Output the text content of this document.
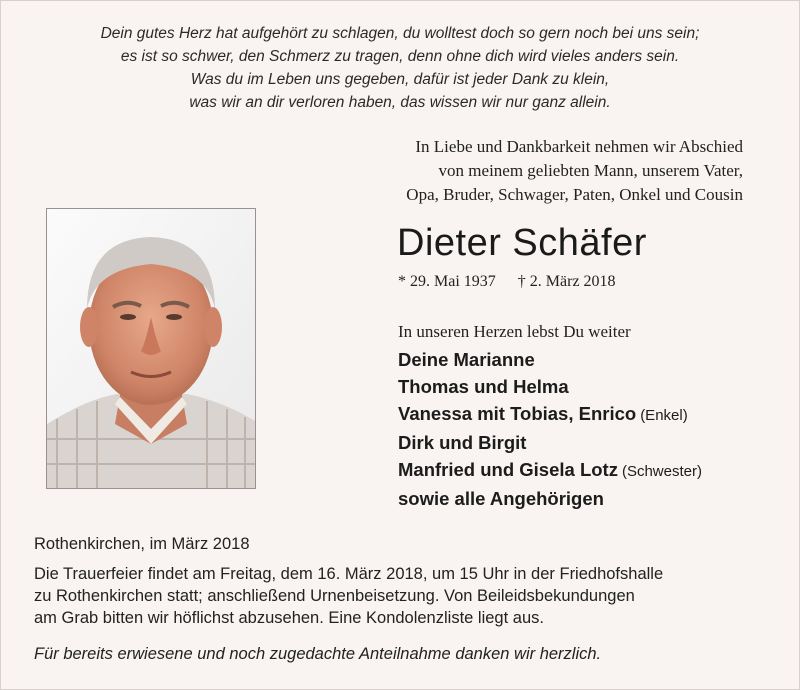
Dein gutes Herz hat aufgehört zu schlagen, du wolltest doch so gern noch bei uns sein;
es ist so schwer, den Schmerz zu tragen, denn ohne dich wird vieles anders sein.
Was du im Leben uns gegeben, dafür ist jeder Dank zu klein,
was wir an dir verloren haben, das wissen wir nur ganz allein.
In Liebe und Dankbarkeit nehmen wir Abschied
von meinem geliebten Mann, unserem Vater,
Opa, Bruder, Schwager, Paten, Onkel und Cousin
Dieter Schäfer
* 29. Mai 1937 † 2. März 2018
In unseren Herzen lebst Du weiter
Deine Marianne
Thomas und Helma
Vanessa mit Tobias, Enrico (Enkel)
Dirk und Birgit
Manfried und Gisela Lotz (Schwester)
sowie alle Angehörigen
Rothenkirchen, im März 2018
Die Trauerfeier findet am Freitag, dem 16. März 2018, um 15 Uhr in der Friedhofshalle
zu Rothenkirchen statt; anschließend Urnenbeisetzung. Von Beileidsbekundungen
am Grab bitten wir höflichst abzusehen. Eine Kondolenzliste liegt aus.
Für bereits erwiesene und noch zugedachte Anteilnahme danken wir herzlich.
